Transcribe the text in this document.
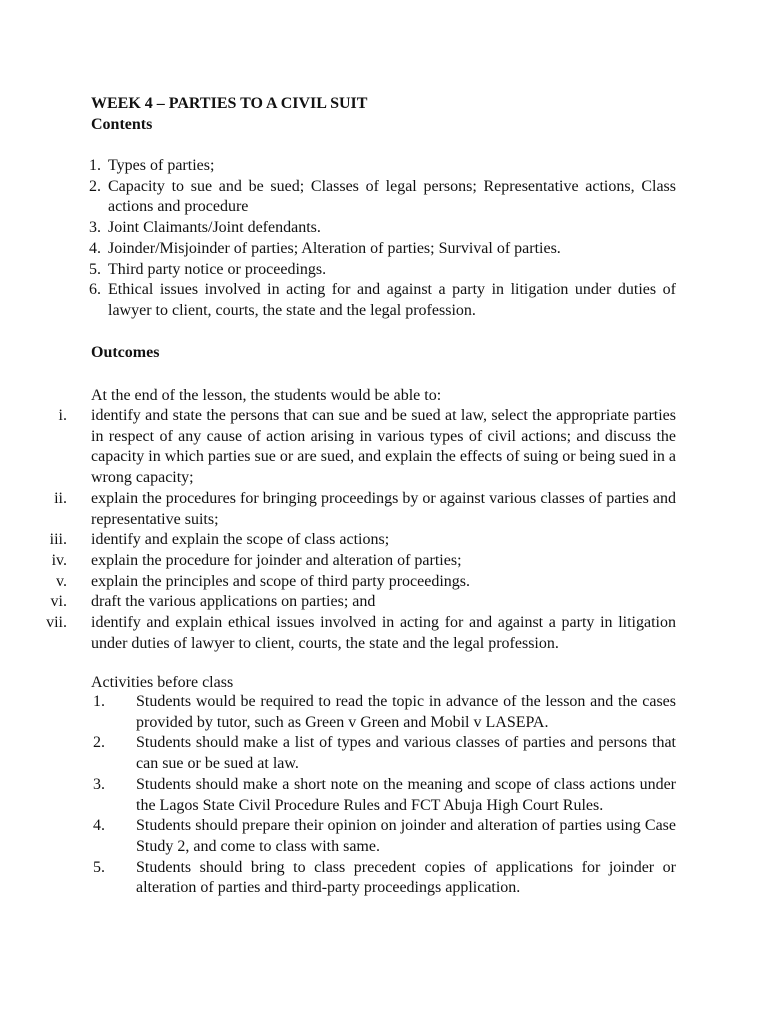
WEEK 4 – PARTIES TO A CIVIL SUIT
Contents
1. Types of parties;
2. Capacity to sue and be sued; Classes of legal persons; Representative actions, Class actions and procedure
3. Joint Claimants/Joint defendants.
4. Joinder/Misjoinder of parties; Alteration of parties; Survival of parties.
5. Third party notice or proceedings.
6. Ethical issues involved in acting for and against a party in litigation under duties of lawyer to client, courts, the state and the legal profession.
Outcomes
At the end of the lesson, the students would be able to:
i. identify and state the persons that can sue and be sued at law, select the appropriate parties in respect of any cause of action arising in various types of civil actions; and discuss the capacity in which parties sue or are sued, and explain the effects of suing or being sued in a wrong capacity;
ii. explain the procedures for bringing proceedings by or against various classes of parties and representative suits;
iii. identify and explain the scope of class actions;
iv. explain the procedure for joinder and alteration of parties;
v. explain the principles and scope of third party proceedings.
vi. draft the various applications on parties; and
vii. identify and explain ethical issues involved in acting for and against a party in litigation under duties of lawyer to client, courts, the state and the legal profession.
Activities before class
1. Students would be required to read the topic in advance of the lesson and the cases provided by tutor, such as Green v Green and Mobil v LASEPA.
2. Students should make a list of types and various classes of parties and persons that can sue or be sued at law.
3. Students should make a short note on the meaning and scope of class actions under the Lagos State Civil Procedure Rules and FCT Abuja High Court Rules.
4. Students should prepare their opinion on joinder and alteration of parties using Case Study 2, and come to class with same.
5. Students should bring to class precedent copies of applications for joinder or alteration of parties and third-party proceedings application.
